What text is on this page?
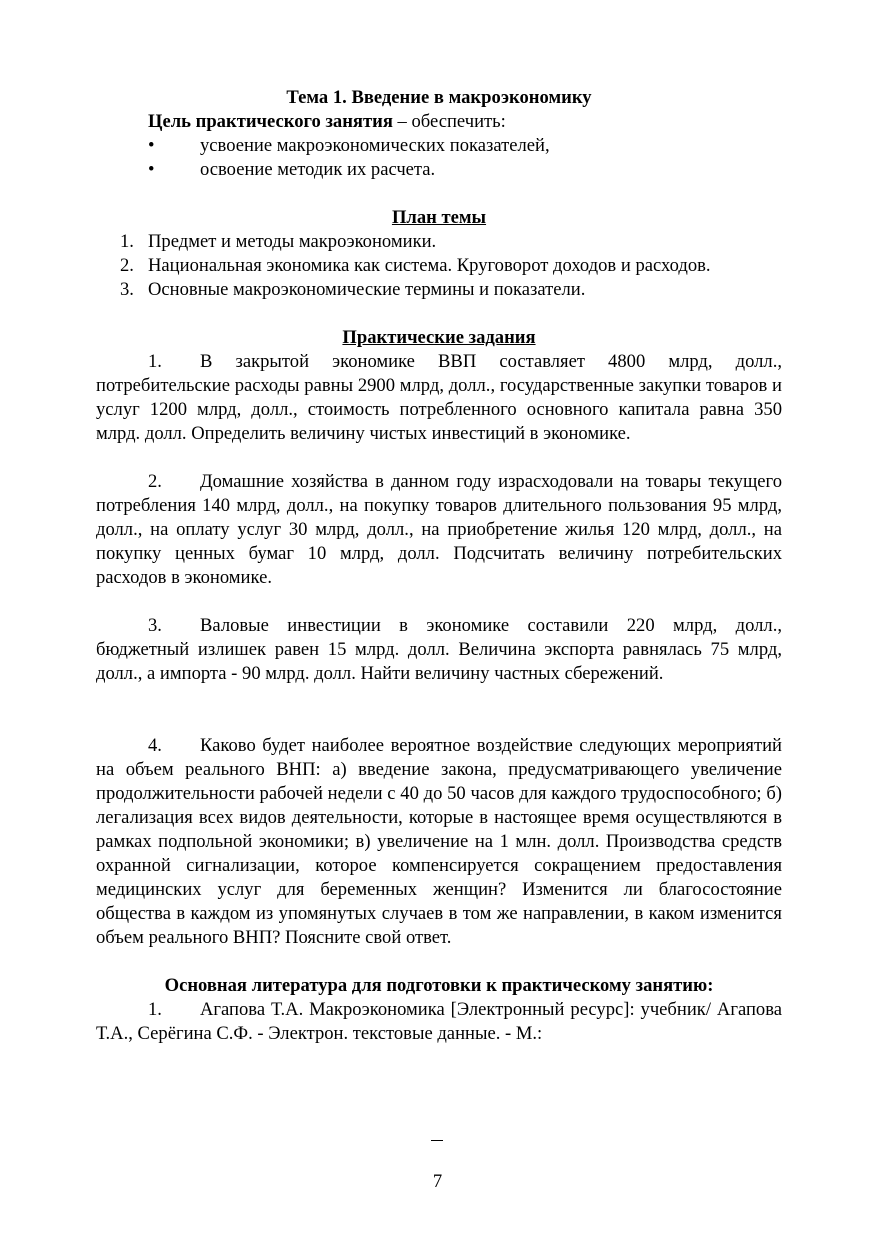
Тема 1. Введение в макроэкономику

Цель практического занятия – обеспечить:

• усвоение макроэкономических показателей,
• освоение методик их расчета.
План темы
1. Предмет и методы макроэкономики.
2. Национальная экономика как система. Круговорот доходов и расходов.
3. Основные макроэкономические термины и показатели.
Практические задания

1. В закрытой экономике ВВП составляет 4800 млрд, долл., потребительские расходы равны 2900 млрд, долл., государственные закупки товаров и услуг 1200 млрд, долл., стоимость потребленного основного капитала равна 350 млрд. долл. Определить величину чистых инвестиций в экономике.

2. Домашние хозяйства в данном году израсходовали на товары текущего потребления 140 млрд, долл., на покупку товаров длительного пользования 95 млрд, долл., на оплату услуг 30 млрд, долл., на приобретение жилья 120 млрд, долл., на покупку ценных бумаг 10 млрд, долл. Подсчитать величину потребительских расходов в экономике.

3. Валовые инвестиции в экономике составили 220 млрд, долл., бюджетный излишек равен 15 млрд. долл. Величина экспорта равнялась 75 млрд, долл., а импорта - 90 млрд. долл. Найти величину частных сбережений.

4. Каково будет наиболее вероятное воздействие следующих мероприятий на объем реального ВНП: а) введение закона, предусматривающего увеличение продолжительности рабочей недели с 40 до 50 часов для каждого трудоспособного; б) легализация всех видов деятельности, которые в настоящее время осуществляются в рамках подпольной экономики; в) увеличение на 1 млн. долл. Производства средств охранной сигнализации, которое компенсируется сокращением предоставления медицинских услуг для беременных женщин? Изменится ли благосостояние общества в каждом из упомянутых случаев в том же направлении, в каком изменится объем реального ВНП? Поясните свой ответ.

Основная литература для подготовки к практическому занятию:

1. Агапова Т.А. Макроэкономика [Электронный ресурс]: учебник/ Агапова Т.А., Серёгина С.Ф. - Электрон. текстовые данные. - М.:

7
